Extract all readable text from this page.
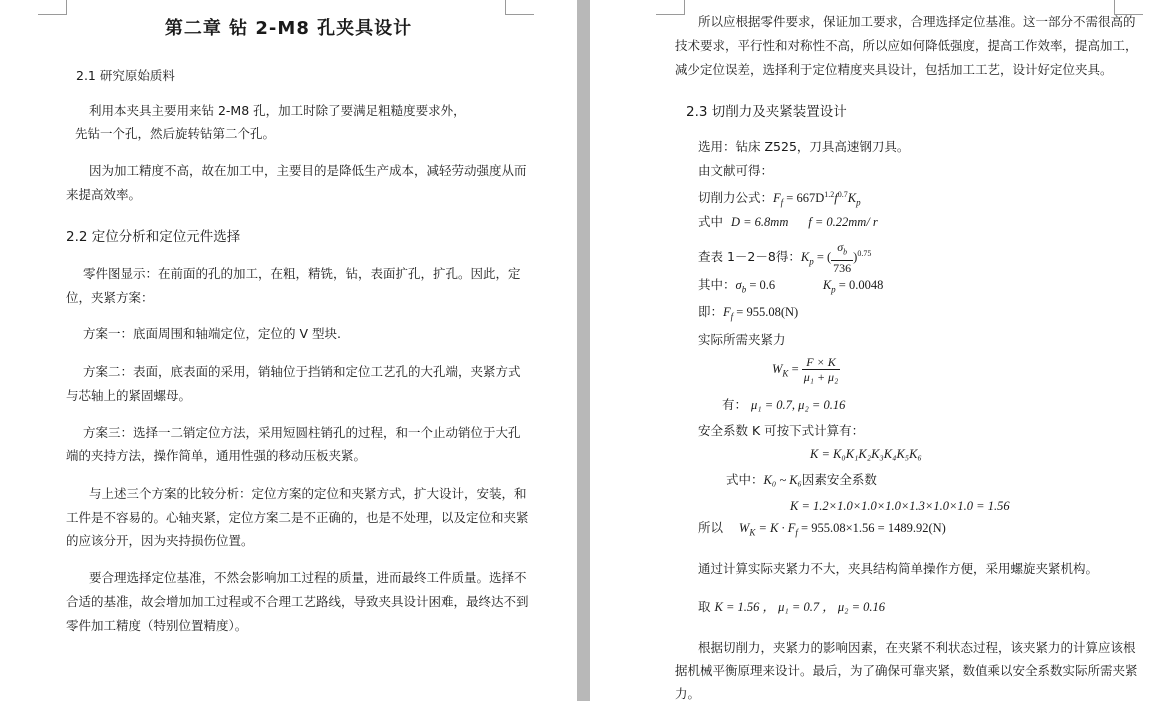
第二章 钻 2-M8 孔夹具设计
2.1 研究原始质料
利用本夹具主要用来钻 2-M8 孔，加工时除了要满足粗糙度要求外，
先钻一个孔，然后旋转钻第二个孔。
因为加工精度不高，故在加工中，主要目的是降低生产成本，减轻劳动强度从而
来提高效率。
2.2 定位分析和定位元件选择
零件图显示：在前面的孔的加工，在粗，精铣，钻，表面扩孔，扩孔。因此，定
位，夹紧方案：
方案一：底面周围和轴端定位，定位的 V 型块.
方案二：表面，底表面的采用，销轴位于挡销和定位工艺孔的大孔端，夹紧方式
与芯轴上的紧固螺母。
方案三：选择一二销定位方法，采用短圆柱销孔的过程，和一个止动销位于大孔
端的夹持方法，操作简单，通用性强的移动压板夹紧。
与上述三个方案的比较分析：定位方案的定位和夹紧方式，扩大设计，安装，和
工件是不容易的。心轴夹紧，定位方案二是不正确的，也是不处理，以及定位和夹紧
的应该分开，因为夹持损伤位置。
要合理选择定位基准，不然会影响加工过程的质量，进而最终工件质量。选择不
合适的基准，故会增加加工过程或不合理工艺路线，导致夹具设计困难，最终达不到
零件加工精度（特别位置精度）。
所以应根据零件要求，保证加工要求，合理选择定位基准。这一部分不需很高的
技术要求，平行性和对称性不高，所以应如何降低强度，提高工作效率，提高加工，
减少定位误差，选择利于定位精度夹具设计，包括加工工艺，设计好定位夹具。
2.3 切削力及夹紧装置设计
选用：钻床 Z525，刀具高速钢刀具。
由文献可得：
切削力公式：$F_f = 667D^{1.2}f^{0.7}K_p$
式中 D = 6.8mm f = 0.22mm/ r
查表 1－2－8得：$K_p$ = ( $\frac{\sigma_b}{736} )^{0.75}$
其中：$\sigma_b = 0.6$	$K_p = 0.0048$
即：$F_f = 955.08(N)$
实际所需夹紧力
$W_K = \frac{F \times K}{\text{μ₁ + μ₂}}$
有： μ₁ = 0.7, μ₂ = 0.16
安全系数 K 可按下式计算有：
K = K₀K₁K₂K₃K₄K₅K₆
式中：K₀ ~ K₆因素安全系数
K = 1.2×1.0×1.0×1.0×1.3×1.0×1.0 = 1.56
所以 $W_K = K \cdot F_f = 955.08\times 1.56 = 1489.92(N)$
通过计算实际夹紧力不大，夹具结构简单操作方便，采用螺旋夹紧机构。
取 K = 1.56 ， μ₁ = 0.7 ， μ₂ = 0.16
根据切削力，夹紧力的影响因素，在夹紧不利状态过程，该夹紧力的计算应该根
据机械平衡原理来设计。最后，为了确保可靠夹紧，数值乘以安全系数实际所需夹紧
力。
